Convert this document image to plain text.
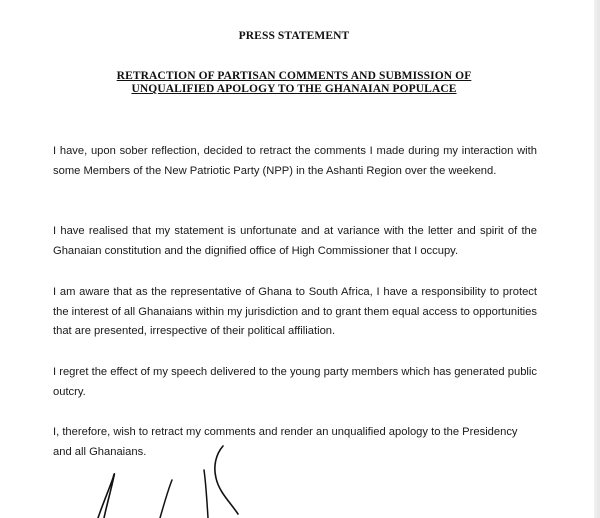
PRESS STATEMENT
RETRACTION OF PARTISAN COMMENTS AND SUBMISSION OF
UNQUALIFIED APOLOGY TO THE GHANAIAN POPULACE

I have, upon sober reflection, decided to retract the comments I made during my interaction with some Members of the New Patriotic Party (NPP) in the Ashanti Region over the weekend.

I have realised that my statement is unfortunate and at variance with the letter and spirit of the Ghanaian constitution and the dignified office of High Commissioner that I occupy.

I am aware that as the representative of Ghana to South Africa, I have a responsibility to protect the interest of all Ghanaians within my jurisdiction and to grant them equal access to opportunities that are presented, irrespective of their political affiliation.

I regret the effect of my speech delivered to the young party members which has generated public outcry.

I, therefore, wish to retract my comments and render an unqualified apology to the Presidency and all Ghanaians.
